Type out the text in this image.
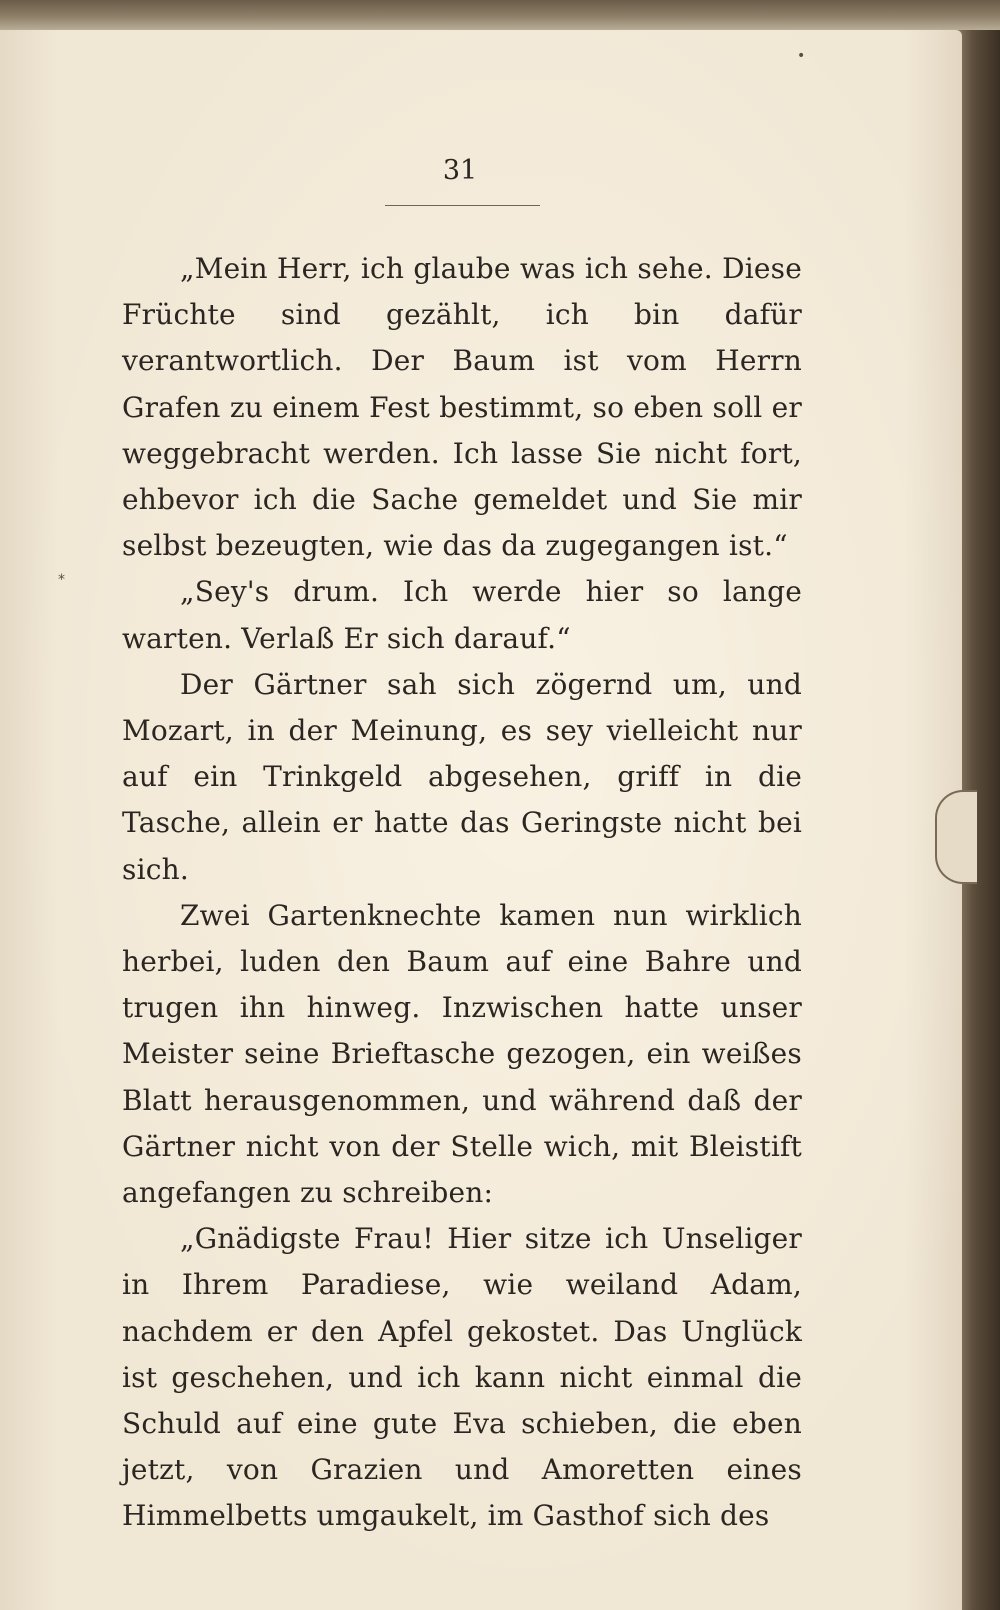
•
*
31

„Mein Herr, ich glaube was ich sehe. Diese Früchte sind gezählt, ich bin dafür verantwortlich. Der Baum ist vom Herrn Grafen zu einem Fest bestimmt, so eben soll er weggebracht werden. Ich lasse Sie nicht fort, ehbevor ich die Sache gemeldet und Sie mir selbst bezeugten, wie das da zugegangen ist.“

„Sey's drum. Ich werde hier so lange warten. Verlaß Er sich darauf.“

Der Gärtner sah sich zögernd um, und Mozart, in der Meinung, es sey vielleicht nur auf ein Trinkgeld abgesehen, griff in die Tasche, allein er hatte das Geringste nicht bei sich.

Zwei Gartenknechte kamen nun wirklich herbei, luden den Baum auf eine Bahre und trugen ihn hinweg. Inzwischen hatte unser Meister seine Brieftasche gezogen, ein weißes Blatt herausgenommen, und während daß der Gärtner nicht von der Stelle wich, mit Bleistift angefangen zu schreiben:

„Gnädigste Frau! Hier sitze ich Unseliger in Ihrem Paradiese, wie weiland Adam, nachdem er den Apfel gekostet. Das Unglück ist geschehen, und ich kann nicht einmal die Schuld auf eine gute Eva schieben, die eben jetzt, von Grazien und Amoretten eines Himmelbetts umgaukelt, im Gasthof sich des
